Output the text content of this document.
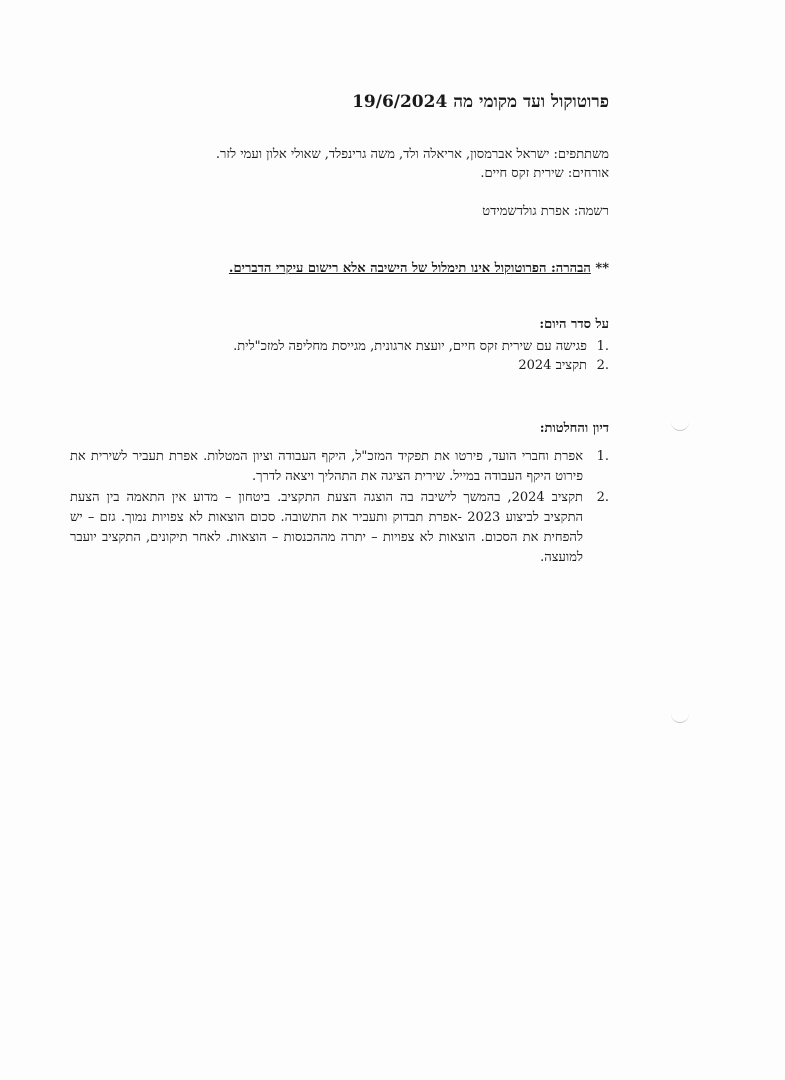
פרוטוקול ועד מקומי מה 19/6/2024
משתתפים: ישראל אברמסון, אריאלה ולד, משה גרינפלד, שאולי אלון ועמי לזר.
אורחים: שירית זקס חיים.
רשמה: אפרת גולדשמידט
** הבהרה: הפרוטוקול אינו תימלול של הישיבה אלא רישום עיקרי הדברים.
על סדר היום:
.1פגישה עם שירית זקס חיים, יועצת ארגונית, מגייסת מחליפה למזכ"לית.
.2תקציב 2024
דיון והחלטות:
.1
אפרת וחברי הועד, פירטו את תפקיד המזכ"ל, היקף העבודה וציון המטלות. אפרת תעביר לשירית את פירוט היקף העבודה במייל. שירית הציגה את התהליך ויצאה לדרך.
.2
תקציב 2024, בהמשך לישיבה בה הוצגה הצעת התקציב. ביטחון – מדוע אין התאמה בין הצעת התקציב לביצוע 2023 -אפרת תבדוק ותעביר את התשובה. סכום הוצאות לא צפויות נמוך. גזם – יש להפחית את הסכום. הוצאות לא צפויות – יתרה מההכנסות – הוצאות. לאחר תיקונים, התקציב יועבר למועצה.
